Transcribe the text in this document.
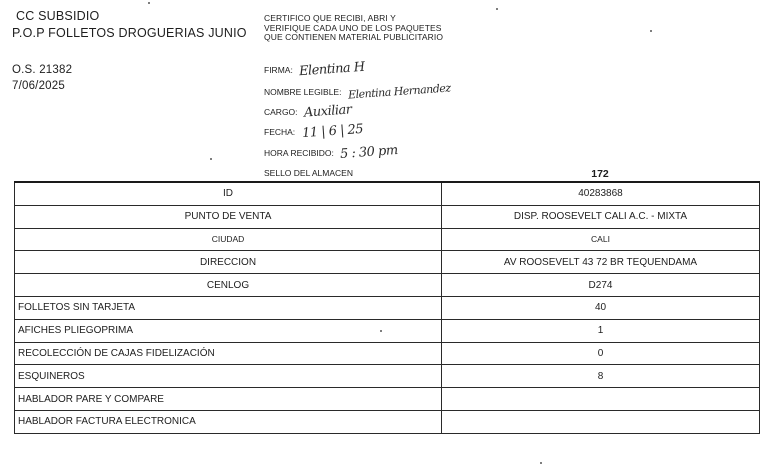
CC SUBSIDIO
P.O.P FOLLETOS DROGUERIAS JUNIO
O.S. 21382
7/06/2025
CERTIFICO QUE RECIBI, ABRI Y VERIFIQUE CADA UNO DE LOS PAQUETES QUE CONTIENEN MATERIAL PUBLICITARIO
FIRMA: Elentina H
NOMBRE LEGIBLE: Elentina Hernandez
CARGO: Auxiliar
FECHA: 11 | 6 | 25
HORA RECIBIDO: 5 : 30 pm
SELLO DEL ALMACEN	172
ID	40283868
PUNTO DE VENTA	DISP. ROOSEVELT CALI A.C. - MIXTA
CIUDAD	CALI
DIRECCION	AV ROOSEVELT 43 72 BR TEQUENDAMA
CENLOG	D274
FOLLETOS SIN TARJETA	40
AFICHES PLIEGOPRIMA	1
RECOLECCIÓN DE CAJAS FIDELIZACIÓN	0
ESQUINEROS	8
HABLADOR PARE Y COMPARE	
HABLADOR FACTURA ELECTRONICA	
